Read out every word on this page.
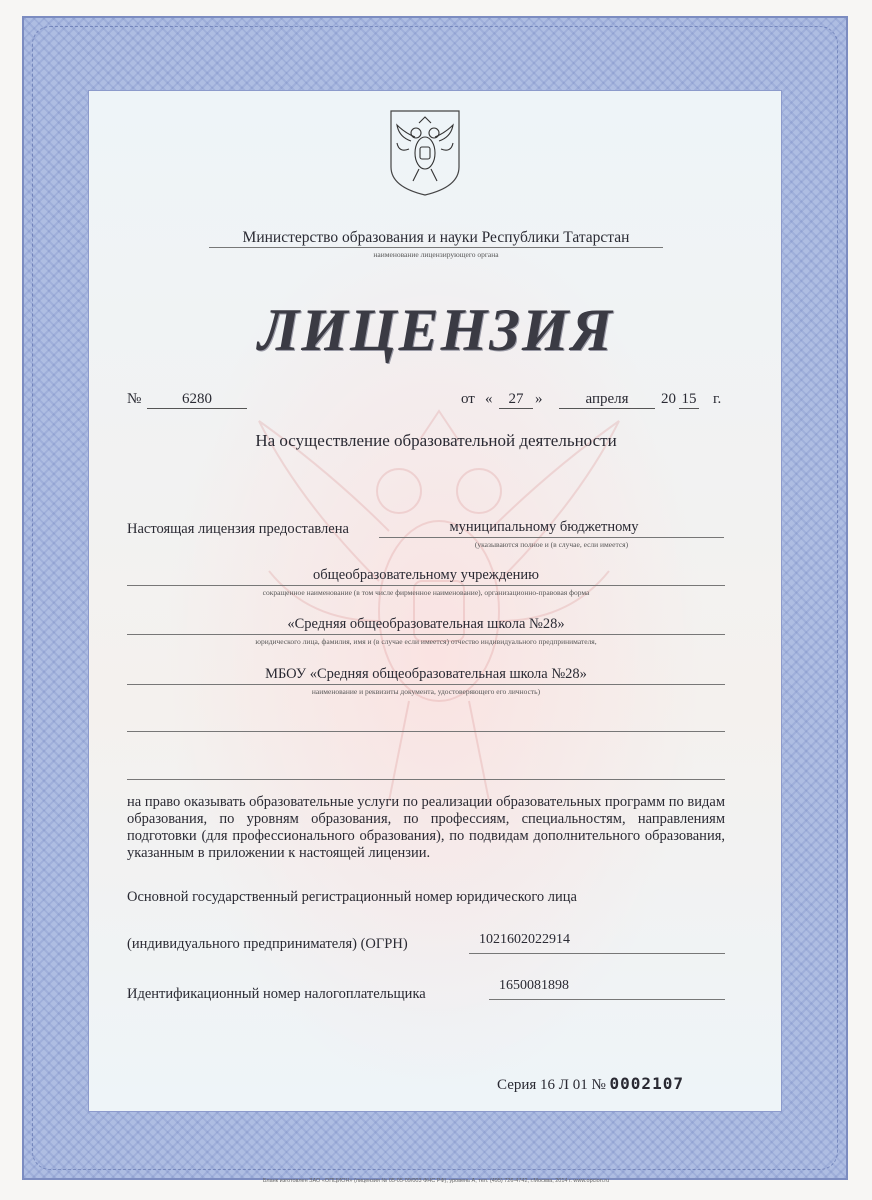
Министерство образования и науки Республики Татарстан
наименование лицензирующего органа
ЛИЦЕНЗИЯ
№	6280	от «	27 »	апреля	20 15 г.
На осуществление образовательной деятельности
Настоящая лицензия предоставлена	муниципальному бюджетному
(указываются полное и (в случае, если имеется)
общеобразовательному учреждению
сокращенное наименование (в том числе фирменное наименование), организационно-правовая форма
«Средняя общеобразовательная школа №28»
юридического лица, фамилия, имя и (в случае если имеется) отчество индивидуального предпринимателя,
МБОУ «Средняя общеобразовательная школа №28»
наименование и реквизиты документа, удостоверяющего его личность)
на право оказывать образовательные услуги по реализации образовательных программ по видам образования, по уровням образования, по профессиям, специальностям, направлениям подготовки (для профессионального образования), по подвидам дополнительного образования, указанным в приложении к настоящей лицензии.
Основной государственный регистрационный номер юридического лица
(индивидуального предпринимателя) (ОГРН)	1021602022914
Идентификационный номер налогоплательщика
1650081898
Серия 16 Л 01 № 0002107
Бланк изготовлен ЗАО «ОПЦИОН» (лицензия № 05-05-09/003 ФНС РФ), уровень А, тел. (495) 726-4742, г.Москва, 2014 г. www.opcion.ru
